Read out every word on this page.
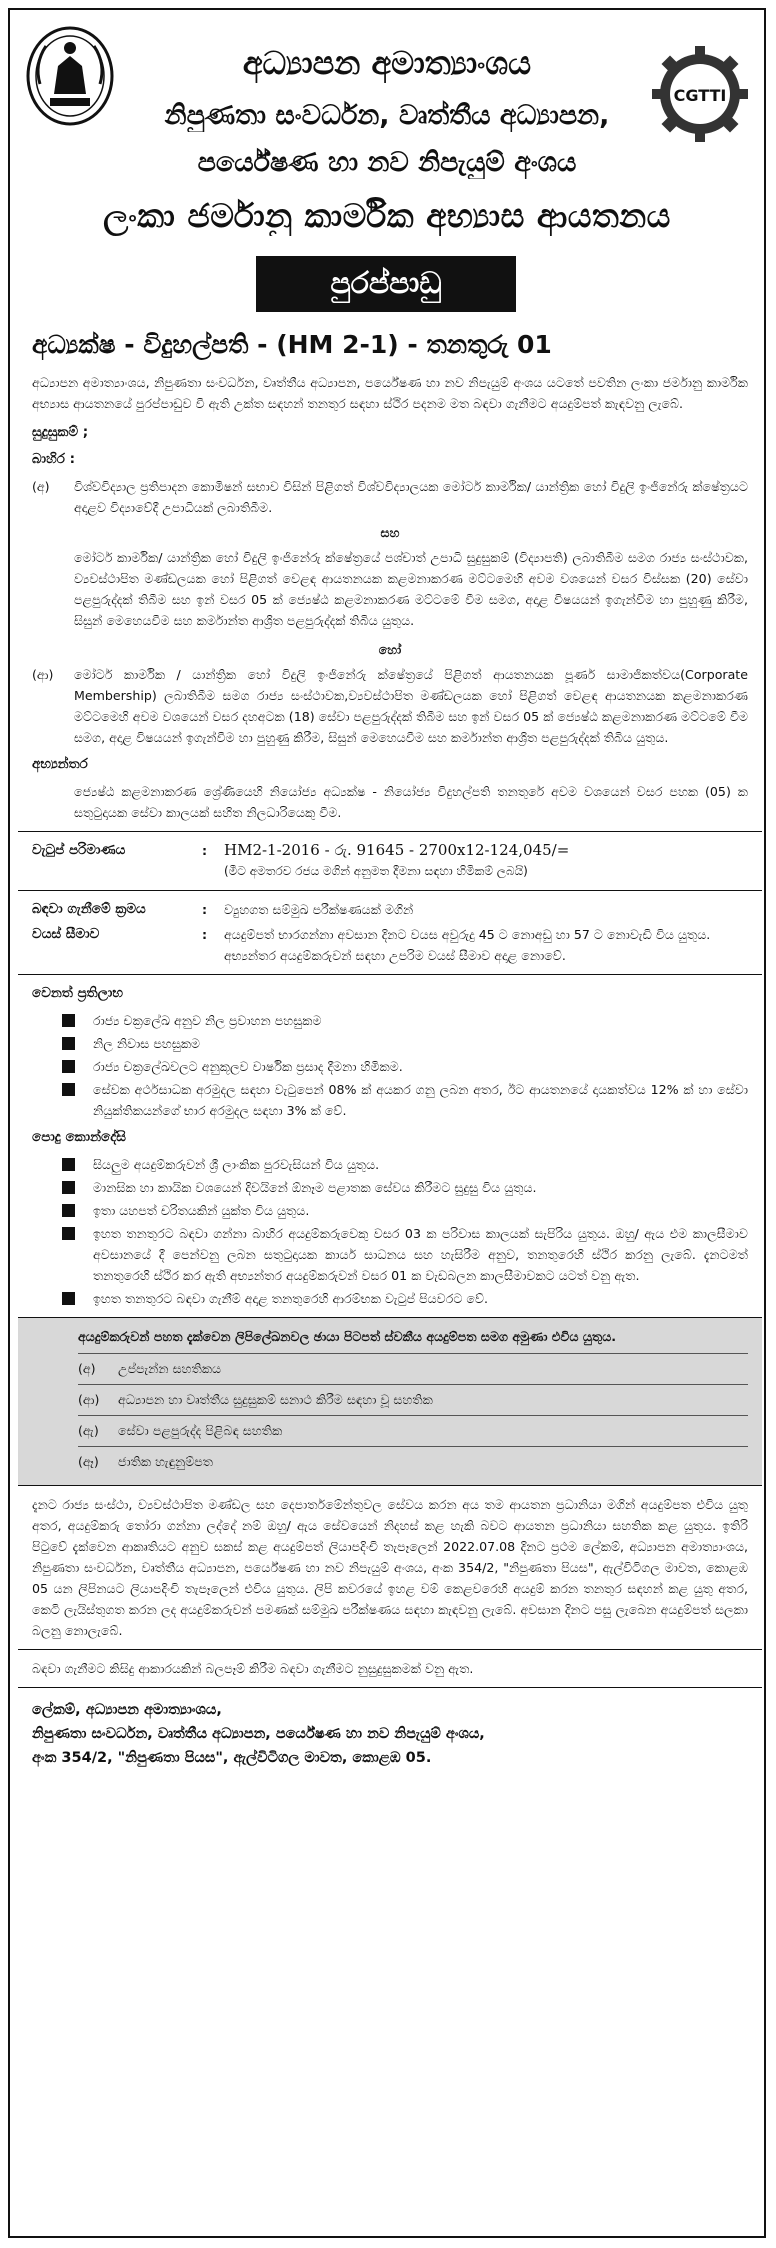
CGTTI
අධ්‍යාපන අමාත්‍යාංශය
නිපුණතා සංවර්ධන, වෘත්තීය අධ්‍යාපන,
පර්යේෂණ හා නව නිපැයුම් අංශය
ලංකා ජර්මානු කාර්මික අභ්‍යාස ආයතනය
පුරප්පාඩු
අධ්‍යක්ෂ - විදුහල්පති - (HM 2-1) - තනතුරු 01

අධ්‍යාපන අමාත්‍යාංශය, නිපුණතා සංවර්ධන, වෘත්තීය අධ්‍යාපන, පර්යේෂණ හා නව නිපැයුම් අංශය යටතේ පවතින ලංකා ජර්මානු කාර්මික අභ්‍යාස ආයතනයේ පුරප්පාඩුව වී ඇති උක්ත සඳහන් තනතුර සඳහා ස්ථිර පදනම මත බඳවා ගැනීමට අයදුම්පත් කැඳවනු ලැබේ.

සුදුසුකම් ;
බාහිර :
(අ)	විශ්වවිද්‍යාල ප්‍රතිපාදන කොමිෂන් සභාව විසින් පිළිගත් විශ්වවිද්‍යාලයක මෝටර් කාර්මික/ යාන්ත්‍රික හෝ විදුලි ඉංජිනේරු ක්ෂේත්‍රයට අදාළව විද්‍යාවේදී උපාධියක් ලබාතිබීම.
සහ
මෝටර් කාර්මික/ යාන්ත්‍රික හෝ විදුලි ඉංජිනේරු ක්ෂේත්‍රයේ පශ්චාත් උපාධි සුදුසුකම් (විද්‍යාපති) ලබාතිබීම සමග රාජ්‍ය සංස්ථාවක, ව්‍යවස්ථාපිත මණ්ඩලයක හෝ පිළිගත් වෙළඳ ආයතනයක කළමනාකරණ මට්ටමෙහි අවම වශයෙන් වසර විස්සක (20) සේවා පළපුරුද්දක් තිබීම සහ ඉන් වසර 05 ක් ජ්‍යෙෂ්ඨ කළමනාකරණ මට්ටමේ වීම සමග, අදාළ විෂයයන් ඉගැන්වීම හා පුහුණු කිරීම, සිසුන් මෙහෙයවීම සහ කර්මාන්ත ආශ්‍රිත පළපුරුද්දක් තිබිය යුතුය.
හෝ
(ආ)	මෝටර් කාර්මික / යාන්ත්‍රික හෝ විදුලි ඉංජිනේරු ක්ෂේත්‍රයේ පිළිගත් ආයතනයක පූර්ණ සාමාජිකත්වය(Corporate Membership) ලබාතිබීම සමග රාජ්‍ය සංස්ථාවක,ව්‍යවස්ථාපිත මණ්ඩලයක හෝ පිළිගත් වෙළඳ ආයතනයක කළමනාකරණ මට්ටමෙහි අවම වශයෙන් වසර දහඅටක (18) සේවා පළපුරුද්දක් තිබීම සහ ඉන් වසර 05 ක් ජ්‍යෙෂ්ඨ කළමනාකරණ මට්ටමේ වීම සමග, අදාළ විෂයයන් ඉගැන්වීම හා පුහුණු කිරීම, සිසුන් මෙහෙයවීම සහ කර්මාන්ත ආශ්‍රිත පළපුරුද්දක් තිබිය යුතුය.
අභ්‍යන්තර
ජ්‍යෙෂ්ඨ කළමනාකරණ ශ්‍රේණියෙහි නියෝජ්‍ය අධ්‍යක්ෂ - නියෝජ්‍ය විදුහල්පති තනතුරේ අවම වශයෙන් වසර පහක (05) ක සතුටුදායක සේවා කාලයක් සහිත නිලධාරියෙකු වීම.
වැටුප් පරිමාණය	:	HM2-1-2016 - රු. 91645 - 2700x12-124,045/=
(මීට අමතරව රජය මගින් අනුමත දීමනා සඳහා හිමිකම් ලබයි)
බඳවා ගැනීමේ ක්‍රමය	:	ව්‍යුහගත සම්මුඛ පරීක්ෂණයක් මගින්
වයස් සීමාව	:	අයදුම්පත් භාරගන්නා අවසාන දිනට වයස අවුරුදු 45 ට නොඅඩු හා 57 ට නොවැඩි විය යුතුය. අභ්‍යන්තර අයදුම්කරුවන් සඳහා උපරිම වයස් සීමාව අදාළ නොවේ.
වෙනත් ප්‍රතිලාභ
රාජ්‍ය චක්‍රලේඛ අනුව නිල ප්‍රවාහන පහසුකම
නිල නිවාස පහසුකම
රාජ්‍ය චක්‍රලේඛවලට අනුකූලව වාර්ෂික ප්‍රසාද දීමනා හිමිකම.
සේවක අර්ථසාධක අරමුදල සඳහා වැටුපෙන් 08% ක් අයකර ගනු ලබන අතර, ඊට ආයතනයේ දායකත්වය 12% ක් හා සේවා නියුක්තිකයන්ගේ භාර අරමුදල සඳහා 3% ක් වේ.
පොදු කොන්දේසි
සියලුම අයදුම්කරුවන් ශ්‍රී ලාංකික පුරවැසියන් විය යුතුය.
මානසික හා කායික වශයෙන් දිවයිනේ ඕනෑම පළාතක සේවය කිරීමට සුදුසු විය යුතුය.
ඉතා යහපත් චරිතයකින් යුක්ත විය යුතුය.
ඉහත තනතුරට බඳවා ගන්නා බාහිර අයදුම්කරුවෙකු වසර 03 ක පරිවාස කාලයක් සැපිරිය යුතුය. ඔහු/ ඇය එම කාලසීමාව අවසානයේ දී පෙන්වනු ලබන සතුටුදායක කාර්ය සාධනය සහ හැසිරීම අනුව, තනතුරෙහි ස්ථිර කරනු ලැබේ. දැනටමත් තනතුරෙහි ස්ථිර කර ඇති අභ්‍යන්තර අයදුම්කරුවන් වසර 01 ක වැඩබලන කාලසීමාවකට යටත් වනු ඇත.
ඉහත තනතුරට බඳවා ගැනීම් අදාළ තනතුරෙහි ආරම්භක වැටුප් පියවරට වේ.
අයදුම්කරුවන් පහත දැක්වෙන ලිපිලේඛනවල ඡායා පිටපත් ස්වකීය අයදුම්පත සමග අමුණා එවිය යුතුය.
(අ)	උප්පැන්න සහතිකය
(ආ)	අධ්‍යාපන හා වෘත්තීය සුදුසුකම් සනාථ කිරීම සඳහා වූ සහතික
(ඇ)	සේවා පළපුරුද්ද පිළිබඳ සහතික
(ඈ)	ජාතික හැඳුනුම්පත

දැනට රාජ්‍ය සංස්ථා, ව්‍යවස්ථාපිත මණ්ඩල සහ දෙපාර්තමේන්තුවල සේවය කරන අය තම ආයතන ප්‍රධානියා මගින් අයදුම්පත එවිය යුතු අතර, අයදුම්කරු තෝරා ගන්නා ලද්දේ නම් ඔහු/ ඇය සේවයෙන් නිදහස් කළ හැකි බවට ආයතන ප්‍රධානියා සහතික කළ යුතුය. ඉතිරි පිටුවේ දැක්වෙන ආකෘතියට අනුව සකස් කළ අයදුම්පත් ලියාපදිංචි තැපෑලෙන් 2022.07.08 දිනට ප්‍රථම ලේකම්, අධ්‍යාපන අමාත්‍යාංශය, නිපුණතා සංවර්ධන, වෘත්තීය අධ්‍යාපන, පර්යේෂණ හා නව නිපැයුම් අංශය, අංක 354/2, "නිපුණතා පියස", ඇල්විටිගල මාවත, කොළඹ 05 යන ලිපිනයට ලියාපදිංචි තැපෑලෙන් එවිය යුතුය. ලිපි කවරයේ ඉහළ වම් කෙළවරෙහි අයදුම් කරන තනතුර සඳහන් කළ යුතු අතර, කෙටි ලැයිස්තුගත කරන ලද අයදුම්කරුවන් පමණක් සම්මුඛ පරීක්ෂණය සඳහා කැඳවනු ලැබේ. අවසාන දිනට පසු ලැබෙන අයදුම්පත් සලකා බලනු නොලැබේ.

බඳවා ගැනීමට කිසිදු ආකාරයකින් බලපෑම් කිරීම බඳවා ගැනීමට නුසුදුසුකමක් වනු ඇත.

ලේකම්, අධ්‍යාපන අමාත්‍යාංශය,
නිපුණතා සංවර්ධන, වෘත්තීය අධ්‍යාපන, පර්යේෂණ හා නව නිපැයුම් අංශය,
අංක 354/2, "නිපුණතා පියස", ඇල්විටිගල මාවත, කොළඹ 05.
